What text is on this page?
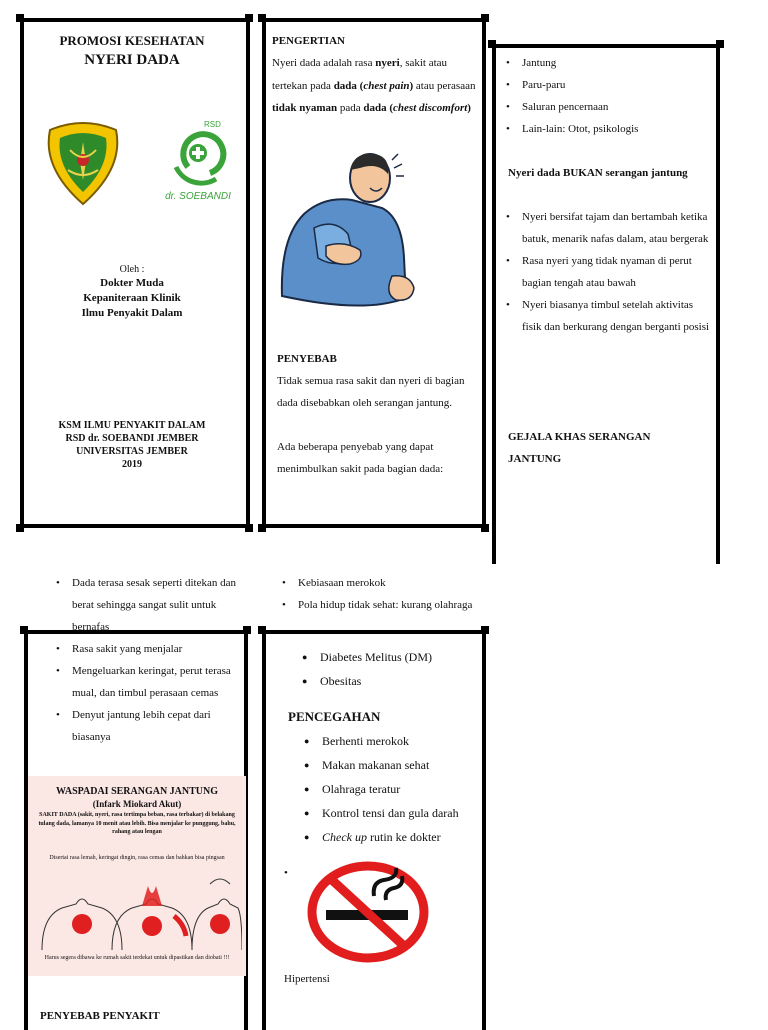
PROMOSI KESEHATAN
NYERI DADA
RSD
dr. SOEBANDI
Oleh :
Dokter Muda
Kepaniteraan Klinik
Ilmu Penyakit Dalam
KSM ILMU PENYAKIT DALAM
RSD dr. SOEBANDI JEMBER
UNIVERSITAS JEMBER
2019
PENGERTIAN
Nyeri dada adalah rasa nyeri, sakit atau tertekan pada dada (chest pain) atau perasaan tidak nyaman pada dada (chest discomfort)
PENYEBAB
Tidak semua rasa sakit dan nyeri di bagian dada disebabkan oleh serangan jantung.
Ada beberapa penyebab yang dapat menimbulkan sakit pada bagian dada:
• Jantung
• Paru-paru
• Saluran pencernaan
• Lain-lain: Otot, psikologis
Nyeri dada BUKAN serangan jantung
• Nyeri bersifat tajam dan bertambah ketika batuk, menarik nafas dalam, atau bergerak
• Rasa nyeri yang tidak nyaman di perut bagian tengah atau bawah
• Nyeri biasanya timbul setelah aktivitas fisik dan berkurang dengan berganti posisi
GEJALA KHAS SERANGAN JANTUNG
• Dada terasa sesak seperti ditekan dan berat sehingga sangat sulit untuk bernafas
• Rasa sakit yang menjalar
• Mengeluarkan keringat, perut terasa mual, dan timbul perasaan cemas
• Denyut jantung lebih cepat dari biasanya
WASPADAI SERANGAN JANTUNG
(Infark Miokard Akut)
SAKIT DADA (sakit, nyeri, rasa tertimpa beban, rasa terbakar) di belakang tulang dada, lamanya 10 menit atau lebih. Bisa menjalar ke punggung, bahu, rahang atau lengan
Disertai rasa lemah, keringat dingin, rasa cemas dan bahkan bisa pingsan
Harus segera dibawa ke rumah sakit terdekat untuk dipastikan dan diobati !!!
PENYEBAB PENYAKIT
• Kebiasaan merokok
• Pola hidup tidak sehat: kurang olahraga
● Diabetes Melitus (DM)
● Obesitas
PENCEGAHAN
● Berhenti merokok
● Makan makanan sehat
● Olahraga teratur
● Kontrol tensi dan gula darah
● Check up rutin ke dokter
•
Hipertensi
